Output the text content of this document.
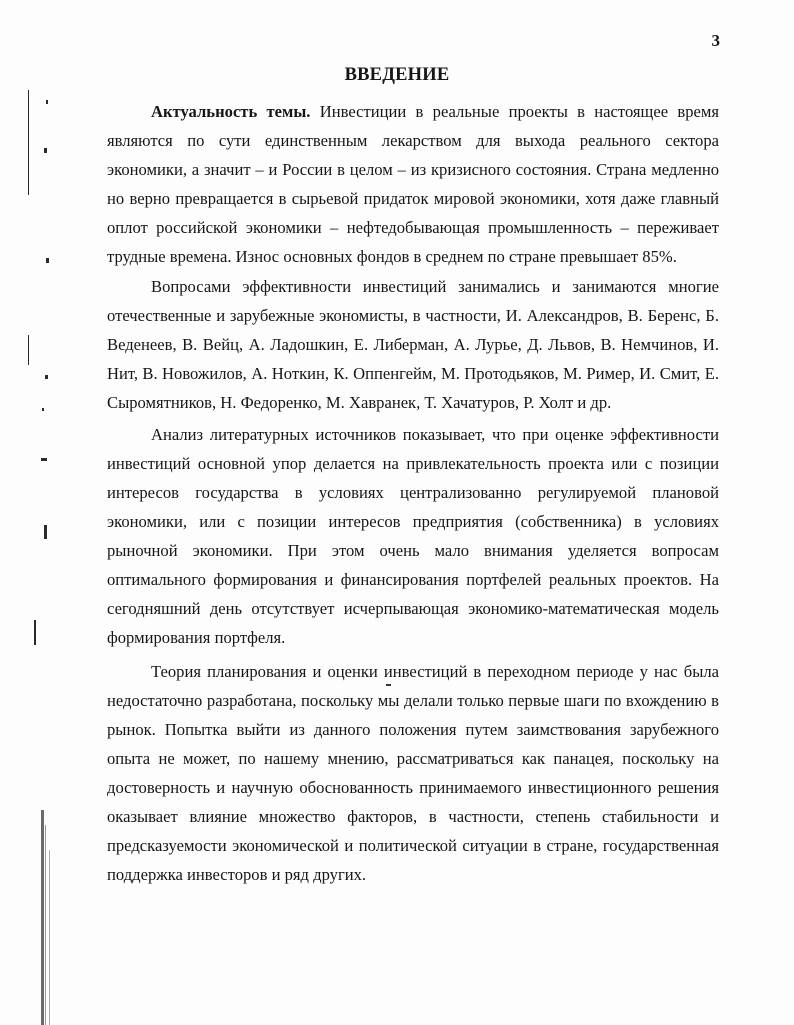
3
ВВЕДЕНИЕ

Актуальность темы. Инвестиции в реальные проекты в настоящее время являются по сути единственным лекарством для выхода реального сектора экономики, а значит – и России в целом – из кризисного состояния. Страна медленно но верно превращается в сырьевой придаток мировой экономики, хотя даже главный оплот российской экономики – нефтедобывающая промышленность – переживает трудные времена. Износ основных фондов в среднем по стране превышает 85%.

Вопросами эффективности инвестиций занимались и занимаются многие отечественные и зарубежные экономисты, в частности, И. Александров, В. Беренс, Б. Веденеев, В. Вейц, А. Ладошкин, Е. Либерман, А. Лурье, Д. Львов, В. Немчинов, И. Нит, В. Новожилов, А. Ноткин, К. Оппенгейм, М. Протодьяков, М. Ример, И. Смит, Е. Сыромятников, Н. Федоренко, М. Хавранек, Т. Хачатуров, Р. Холт и др.

Анализ литературных источников показывает, что при оценке эффективности инвестиций основной упор делается на привлекательность проекта или с позиции интересов государства в условиях централизованно регулируемой плановой экономики, или с позиции интересов предприятия (собственника) в условиях рыночной экономики. При этом очень мало внимания уделяется вопросам оптимального формирования и финансирования портфелей реальных проектов. На сегодняшний день отсутствует исчерпывающая экономико-математическая модель формирования портфеля.

Теория планирования и оценки инвестиций в переходном периоде у нас была недостаточно разработана, поскольку мы делали только первые шаги по вхождению в рынок. Попытка выйти из данного положения путем заимствования зарубежного опыта не может, по нашему мнению, рассматриваться как панацея, поскольку на достоверность и научную обоснованность принимаемого инвестиционного решения оказывает влияние множество факторов, в частности, степень стабильности и предсказуемости экономической и политической ситуации в стране, государственная поддержка инвесторов и ряд других.
